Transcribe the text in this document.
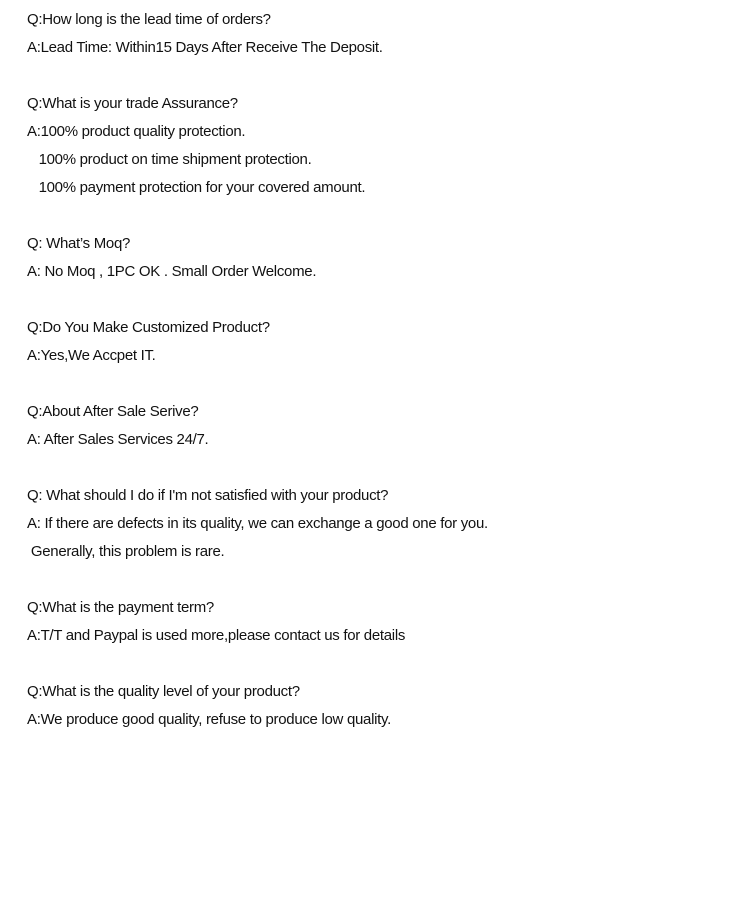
Q:How long is the lead time of orders?
A:Lead Time: Within15 Days After Receive The Deposit.
Q:What is your trade Assurance?
A:100% product quality protection.
100% product on time shipment protection.
100% payment protection for your covered amount.
Q: What’s Moq?
A: No Moq , 1PC OK . Small Order Welcome.
Q:Do You Make Customized Product?
A:Yes,We Accpet IT.
Q:About After Sale Serive?
A: After Sales Services 24/7.
Q: What should I do if I'm not satisfied with your product?
A: If there are defects in its quality, we can exchange a good one for you.
Generally, this problem is rare.
Q:What is the payment term?
A:T/T and Paypal is used more,please contact us for details
Q:What is the quality level of your product?
A:We produce good quality, refuse to produce low quality.
